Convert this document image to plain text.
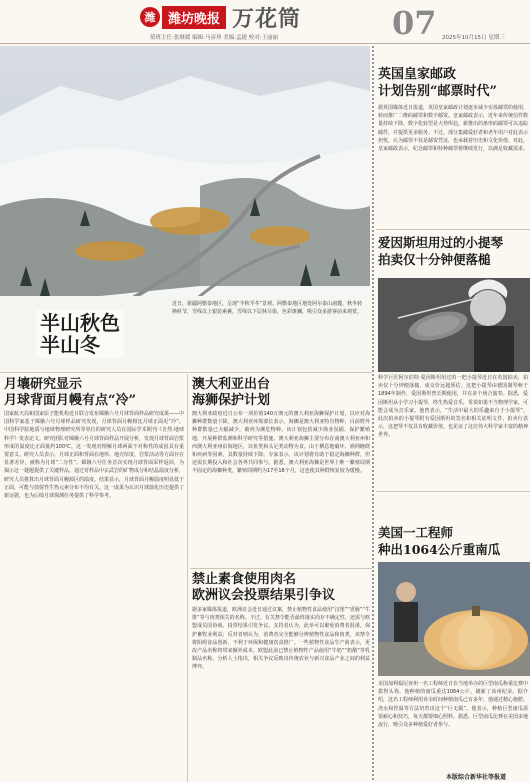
潍 潍坊晚报 万花筒	07
值班主任:张继媛 编辑:马彦珍 美编:孟捷 校对:王丽丽	2025年10月15日 星期三
半山秋色
半山冬
近日，新疆阿勒泰地区，呈现“半秋半冬”景观。阿勒泰地区地处阿尔泰山南麓，秋冬转换时节，雪线以上银装素裹，雪线以下层林尽染，色彩斑斓，吸引众多游客前来观赏。
月壤研究显示
月球背面月幔有点“冷”
国家航天局和国家原子能机构近日联合发布嫦娥六号月球背面样品研究成果——中国科学家基于嫦娥六号月球样品研究发现，月球背面月幔相比月球正面更“冷”。中国科学院地质与地球物理研究所等单位的研究人员在国际学术期刊《自然·地球科学》发表论文。研究团队对嫦娥六号月球背面样品开展分析，发现月球背面岩浆形成的温度比正面低约100℃。这一发现对理解月球两面不对称性的成因具有重要意义。研究人员表示，月球正面和背面在地形、地壳厚度、岩浆活动等方面存在显著差异，被称为月球“二分性”。嫦娥六号任务首次实现月球背面采样返回，为揭示这一谜题提供了关键样品。通过对样品中玄武岩的矿物成分和结晶温度分析，研究人员推算出月球背面月幔源区的温度。结果显示，月球背面月幔温度明显低于正面，可能与放射性生热元素分布不均有关。这一成果为认识月球演化历史提供了新证据，也为后续月球探测任务提供了科学参考。
澳大利亚出台
海狮保护计划
澳大利亚政府近日公布一项价值140万澳元的澳大利亚海狮保护计划，以应对海狮种群数量下降。澳大利亚环境部长表示，海狮是澳大利亚特有物种，目前野外种群数量已大幅减少，被列为濒危物种。该计划包括减少渔业误捕、保护繁殖地、开展种群监测和科学研究等措施。澳大利亚海狮主要分布在南澳大利亚州和西澳大利亚州沿海地区，以鱼类和头足类动物为食。由于栖息地破坏、渔网缠绕和疾病等因素，其数量持续下降。专家表示，该计划将有助于稳定海狮种群，但还需长期投入和社会各界共同参与。据悉，澳大利亚海狮是世界上唯一繁殖周期不固定的海狮种类，繁殖周期约为17至18个月，这也使其种群恢复较为缓慢。
禁止素食使用肉名
欧洲议会投票结果引争议
据多家媒体报道，欧洲议会近日通过议案，禁止植物性食品使用“汉堡”“香肠”“牛排”等与肉类相关的名称。不过，有关禁令能否最终落实尚存不确定性，还需与欧盟成员国协商。投票结果引发争议。支持者认为，此举可以避免消费者混淆，保护畜牧业利益；反对者则认为，消费者完全能够分辨植物性食品和肉类，该禁令将阻碍食品创新，不利于环保和健康饮食推广。一些植物性食品生产商表示，更改产品名称将带来额外成本。欧盟此前已禁止植物性产品使用“牛奶”“奶酪”等乳制品名称。分析人士指出，相关争议反映出传统农业与新兴食品产业之间的利益博弈。
英国皇家邮政
计划告别“邮票时代”
据英国媒体近日报道，英国皇家邮政计划逐步减少实体邮票的使用，转而推广二维码邮票和数字邮资。皇家邮政表示，近年来传统信件数量持续下降，数字化转型是大势所趋。新推出的条形码邮票可以追踪邮件，并提供更多服务。不过，部分集邮爱好者和老年用户对此表示担忧，认为邮票不仅是邮资凭证，也承载着历史和文化价值。对此，皇家邮政表示，纪念邮票和特种邮票将继续发行，以满足收藏需求。
爱因斯坦用过的小提琴
拍卖仅十分钟便落槌
科学巨匠阿尔伯特·爱因斯坦用过的一把小提琴近日在英国拍卖，拍卖仅十分钟便落槌，成交价远超预估。这把小提琴由德国制琴师于1894年制作，爱因斯坦曾长期使用，并在多个场合演奏。据悉，爱因斯坦从小学习小提琴，终生热爱音乐，常说如果不当物理学家，可能会成为音乐家。他曾表示，“生活中最大的乐趣来自于小提琴”。此次拍卖的小提琴附有爱因斯坦的签名和相关证明文件。拍卖行表示，这把琴不仅具有收藏价值，也见证了这位伟大科学家丰富的精神世界。
美国一工程师
种出1064公斤重南瓜
美国加利福尼亚州一名工程师近日在当地举办的巨型南瓜称重比赛中拔得头筹，他种植的南瓜重达1064公斤，刷新了该州纪录。据介绍，这名工程师利用业余时间种植南瓜已有多年，他通过精心施肥、浇水和控温等方法培育出这个“巨无霸”。他表示，种植巨型南瓜需要耐心和技巧，每天都要细心照料。据悉，巨型南瓜比赛在美国多地流行，吸引众多种植爱好者参与。
本版综合新华社等报道
